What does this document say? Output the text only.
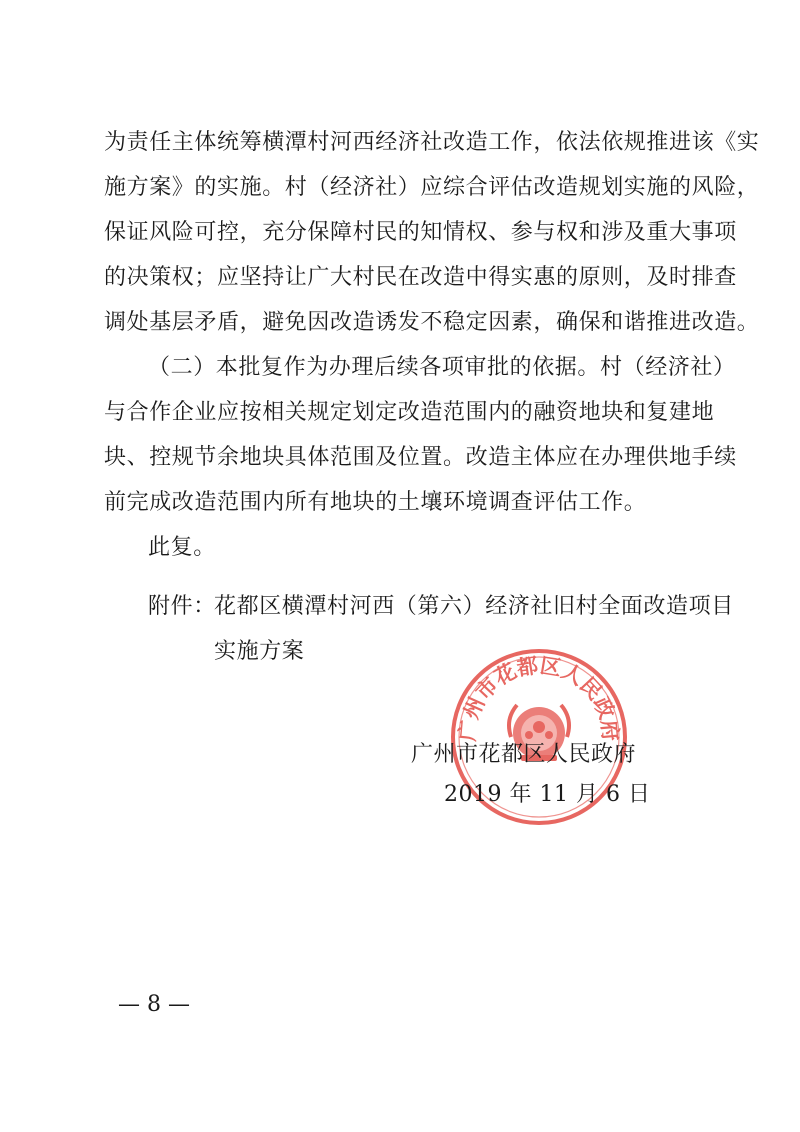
为责任主体统筹横潭村河西经济社改造工作，依法依规推进该《实
施方案》的实施。村（经济社）应综合评估改造规划实施的风险，
保证风险可控，充分保障村民的知情权、参与权和涉及重大事项
的决策权；应坚持让广大村民在改造中得实惠的原则，及时排查
调处基层矛盾，避免因改造诱发不稳定因素，确保和谐推进改造。
（二）本批复作为办理后续各项审批的依据。村（经济社）
与合作企业应按相关规定划定改造范围内的融资地块和复建地
块、控规节余地块具体范围及位置。改造主体应在办理供地手续
前完成改造范围内所有地块的土壤环境调查评估工作。
此复。
附件：
花都区横潭村河西（第六）经济社旧村全面改造项目
实施方案
广州市花都区人民政府
广州市花都区人民政府
2019 年 11 月 6 日
— 8 —
